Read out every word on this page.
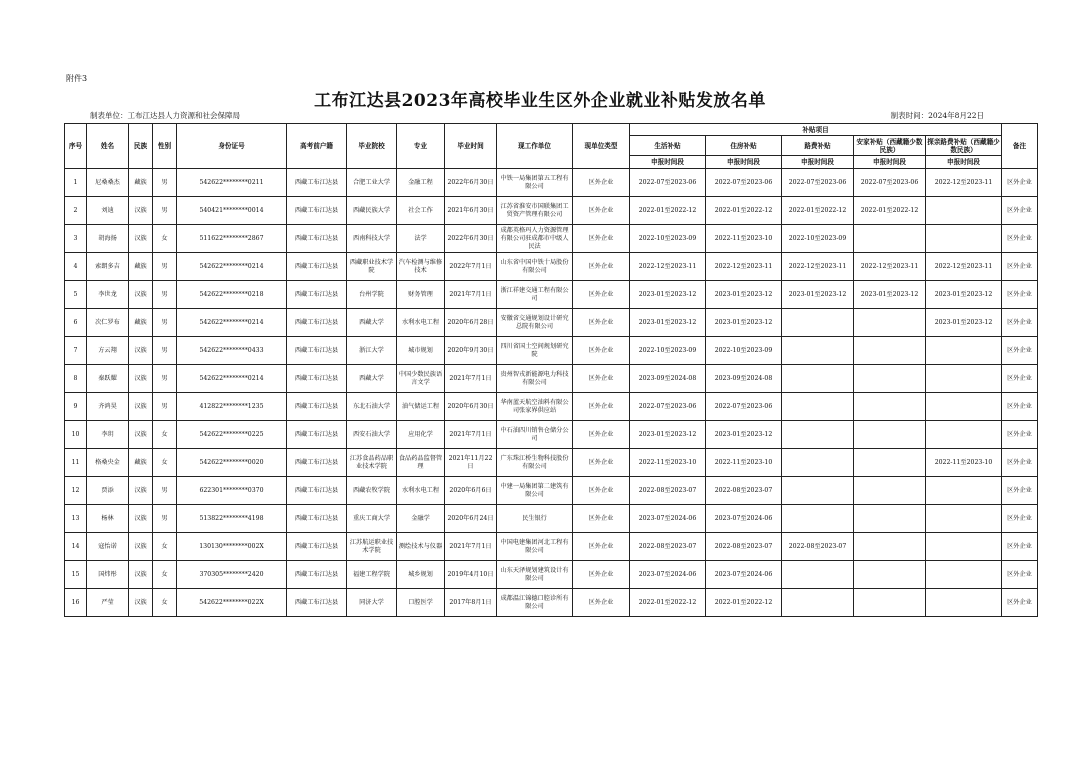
附件3
工布江达县2023年高校毕业生区外企业就业补贴发放名单
制表单位：工布江达县人力资源和社会保障局	制表时间：2024年8月22日
序号	姓名	民族	性别	身份证号	高考前户籍	毕业院校	专业	毕业时间	现工作单位	现单位类型	补贴项目					备注
											生活补贴	住房补贴	路费补贴	安家补贴（西藏籍少数民族）	探亲路费补贴（西藏籍少数民族）	
											申报时间段	申报时间段	申报时间段	申报时间段	申报时间段	
1	尼桑桑杰	藏族	男	542622********0211	西藏工布江达县	合肥工业大学	金融工程	2022年6月30日	中铁一局集团第五工程有限公司	区外企业	2022-07至2023-06	2022-07至2023-06	2022-07至2023-06	2022-07至2023-06	2022-12至2023-11	区外企业
2	刘迪	汉族	男	540421********0014	西藏工布江达县	西藏民族大学	社会工作	2021年6月30日	江苏省淮安市国联集团工贸资产管理有限公司	区外企业	2022-01至2022-12	2022-01至2022-12	2022-01至2022-12	2022-01至2022-12		区外企业
3	胡海扬	汉族	女	511622********2867	西藏工布江达县	西南科技大学	法学	2022年6月30日	成都英格玛人力资源管理有限公司驻成都市中级人民法	区外企业	2022-10至2023-09	2022-11至2023-10	2022-10至2023-09			区外企业
4	索朗多吉	藏族	男	542622********0214	西藏工布江达县	西藏职业技术学院	汽车检测与维修技术	2022年7月1日	山东省中国中铁十局股份有限公司	区外企业	2022-12至2023-11	2022-12至2023-11	2022-12至2023-11	2022-12至2023-11	2022-12至2023-11	区外企业
5	李世龙	汉族	男	542622********0218	西藏工布江达县	台州学院	财务管理	2021年7月1日	浙江祥建交通工程有限公司	区外企业	2023-01至2023-12	2023-01至2023-12	2023-01至2023-12	2023-01至2023-12	2023-01至2023-12	区外企业
6	次仁罗布	藏族	男	542622********0214	西藏工布江达县	西藏大学	水利水电工程	2020年6月28日	安徽省交通规划设计研究总院有限公司	区外企业	2023-01至2023-12	2023-01至2023-12			2023-01至2023-12	区外企业
7	方云翔	汉族	男	542622********0433	西藏工布江达县	浙江大学	城市规划	2020年9月30日	四川省国土空间规划研究院	区外企业	2022-10至2023-09	2022-10至2023-09				区外企业
8	秦跃耀	汉族	男	542622********0214	西藏工布江达县	西藏大学	中国少数民族语言文学	2021年7月1日	贵州智戎新能源电力科技有限公司	区外企业	2023-09至2024-08	2023-09至2024-08				区外企业
9	齐鸿昊	汉族	男	412822********1235	西藏工布江达县	东北石油大学	油气储运工程	2020年6月30日	华南蓝天航空油料有限公司张家界供应站	区外企业	2022-07至2023-06	2022-07至2023-06				区外企业
10	李玥	汉族	女	542622********0225	西藏工布江达县	西安石油大学	应用化学	2021年7月1日	中石油四川销售仓储分公司	区外企业	2023-01至2023-12	2023-01至2023-12				区外企业
11	格桑央金	藏族	女	542622********0020	西藏工布江达县	江苏食品药品职业技术学院	食品药品监督管理	2021年11月22日	广东珠江桥生物科技股份有限公司	区外企业	2022-11至2023-10	2022-11至2023-10			2022-11至2023-10	区外企业
12	贾添	汉族	男	622301********0370	西藏工布江达县	西藏农牧学院	水利水电工程	2020年6月6日	中建一局集团第二建筑有限公司	区外企业	2022-08至2023-07	2022-08至2023-07				区外企业
13	杨林	汉族	男	513822********4198	西藏工布江达县	重庆工商大学	金融学	2020年6月24日	民生银行	区外企业	2023-07至2024-06	2023-07至2024-06				区外企业
14	寇怡诺	汉族	女	130130********002X	西藏工布江达县	江苏航运职业技术学院	测绘技术与仪器	2021年7月1日	中国电建集团河北工程有限公司	区外企业	2022-08至2023-07	2022-08至2023-07	2022-08至2023-07			区外企业
15	国炜彤	汉族	女	370305********2420	西藏工布江达县	福建工程学院	城乡规划	2019年4月10日	山东天泽规划建筑设计有限公司	区外企业	2023-07至2024-06	2023-07至2024-06				区外企业
16	严莹	汉族	女	542622********022X	西藏工布江达县	同济大学	口腔医学	2017年8月1日	成都温江锦德口腔诊所有限公司	区外企业	2022-01至2022-12	2022-01至2022-12				区外企业
